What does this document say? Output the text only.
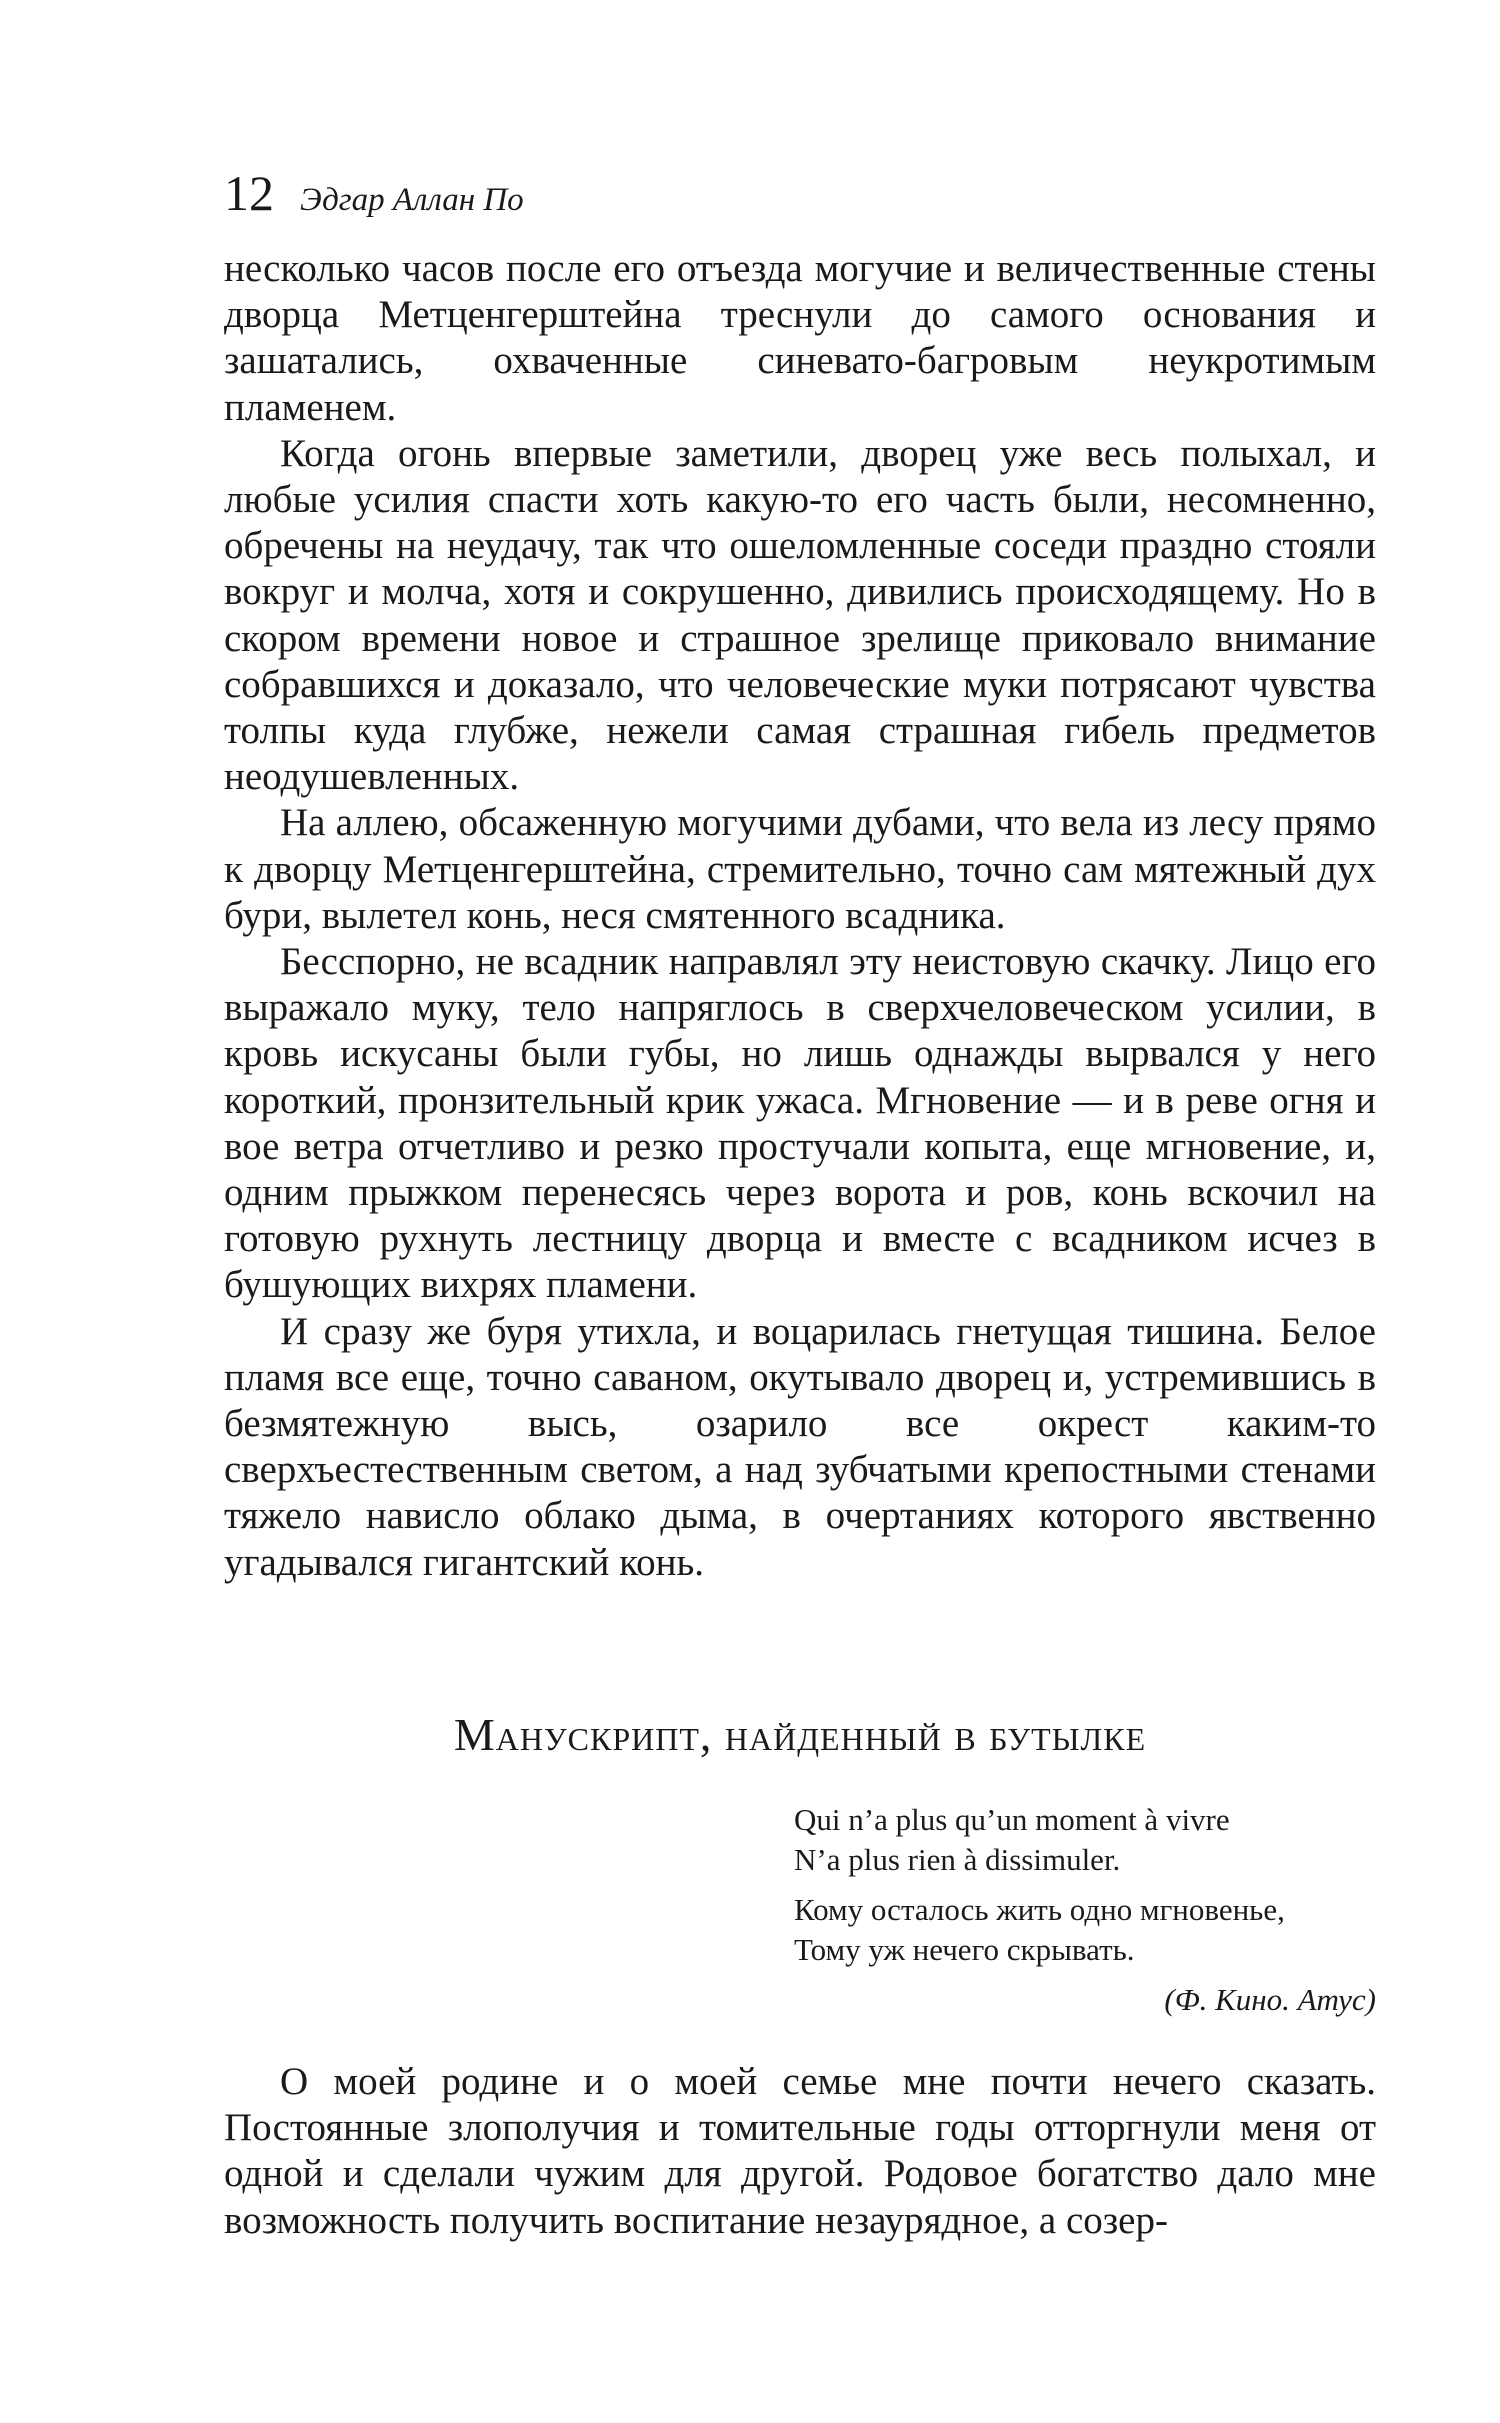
12 Эдгар Аллан По

несколько часов после его отъезда могучие и величественные стены дворца Метценгерштейна треснули до самого основания и зашатались, охваченные синевато-багровым неукротимым пламенем.

Когда огонь впервые заметили, дворец уже весь полыхал, и любые усилия спасти хоть какую-то его часть были, несомненно, обречены на неудачу, так что ошеломленные соседи праздно стояли вокруг и молча, хотя и сокрушенно, дивились происходящему. Но в скором времени новое и страшное зрелище приковало внимание собравшихся и доказало, что человеческие муки потрясают чувства толпы куда глубже, нежели самая страшная гибель предметов неодушевленных.

На аллею, обсаженную могучими дубами, что вела из лесу прямо к дворцу Метценгерштейна, стремительно, точно сам мятежный дух бури, вылетел конь, неся смятенного всадника.

Бесспорно, не всадник направлял эту неистовую скачку. Лицо его выражало муку, тело напряглось в сверхчеловеческом усилии, в кровь искусаны были губы, но лишь однажды вырвался у него короткий, пронзительный крик ужаса. Мгновение — и в реве огня и вое ветра отчетливо и резко простучали копыта, еще мгновение, и, одним прыжком перенесясь через ворота и ров, конь вскочил на готовую рухнуть лестницу дворца и вместе с всадником исчез в бушующих вихрях пламени.

И сразу же буря утихла, и воцарилась гнетущая тишина. Белое пламя все еще, точно саваном, окутывало дворец и, устремившись в безмятежную высь, озарило все окрест каким-то сверхъестественным светом, а над зубчатыми крепостными стенами тяжело нависло облако дыма, в очертаниях которого явственно угадывался гигантский конь.

Манускрипт, найденный в бутылке
Qui n’a plus qu’un moment à vivre
N’a plus rien à dissimuler.
Кому осталось жить одно мгновенье,
Тому уж нечего скрывать.
(Ф. Кино. Атус)

О моей родине и о моей семье мне почти нечего сказать. Постоянные злополучия и томительные годы отторгнули меня от одной и сделали чужим для другой. Родовое богатство дало мне возможность получить воспитание незаурядное, а созер-
